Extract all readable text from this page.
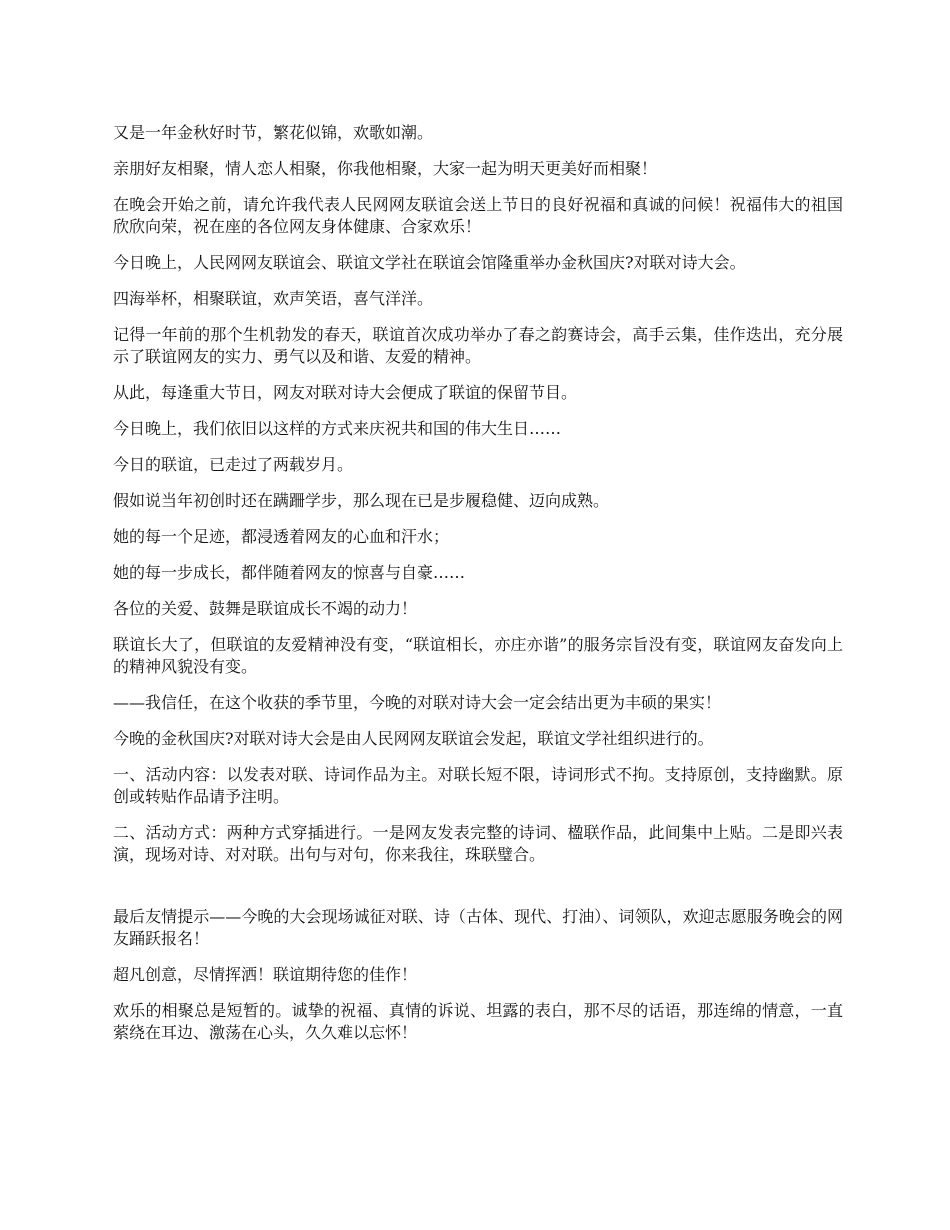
又是一年金秋好时节，繁花似锦，欢歌如潮。

亲朋好友相聚，情人恋人相聚，你我他相聚，大家一起为明天更美好而相聚！

在晚会开始之前，请允许我代表人民网网友联谊会送上节日的良好祝福和真诚的问候！祝福伟大的祖国欣欣向荣，祝在座的各位网友身体健康、合家欢乐！

今日晚上，人民网网友联谊会、联谊文学社在联谊会馆隆重举办金秋国庆?对联对诗大会。

四海举杯，相聚联谊，欢声笑语，喜气洋洋。

记得一年前的那个生机勃发的春天，联谊首次成功举办了春之韵赛诗会，高手云集，佳作迭出，充分展示了联谊网友的实力、勇气以及和谐、友爱的精神。

从此，每逢重大节日，网友对联对诗大会便成了联谊的保留节目。

今日晚上，我们依旧以这样的方式来庆祝共和国的伟大生日……

今日的联谊，已走过了两载岁月。

假如说当年初创时还在蹒跚学步，那么现在已是步履稳健、迈向成熟。

她的每一个足迹，都浸透着网友的心血和汗水；

她的每一步成长，都伴随着网友的惊喜与自豪……

各位的关爱、鼓舞是联谊成长不竭的动力！

联谊长大了，但联谊的友爱精神没有变，“联谊相长，亦庄亦谐”的服务宗旨没有变，联谊网友奋发向上的精神风貌没有变。

——我信任，在这个收获的季节里，今晚的对联对诗大会一定会结出更为丰硕的果实！

今晚的金秋国庆?对联对诗大会是由人民网网友联谊会发起，联谊文学社组织进行的。

一、活动内容：以发表对联、诗词作品为主。对联长短不限，诗词形式不拘。支持原创，支持幽默。原创或转贴作品请予注明。

二、活动方式：两种方式穿插进行。一是网友发表完整的诗词、楹联作品，此间集中上贴。二是即兴表演，现场对诗、对对联。出句与对句，你来我往，珠联璧合。

最后友情提示——今晚的大会现场诚征对联、诗（古体、现代、打油）、词领队，欢迎志愿服务晚会的网友踊跃报名！

超凡创意，尽情挥洒！联谊期待您的佳作！

欢乐的相聚总是短暂的。诚挚的祝福、真情的诉说、坦露的表白，那不尽的话语，那连绵的情意，一直萦绕在耳边、激荡在心头，久久难以忘怀！
